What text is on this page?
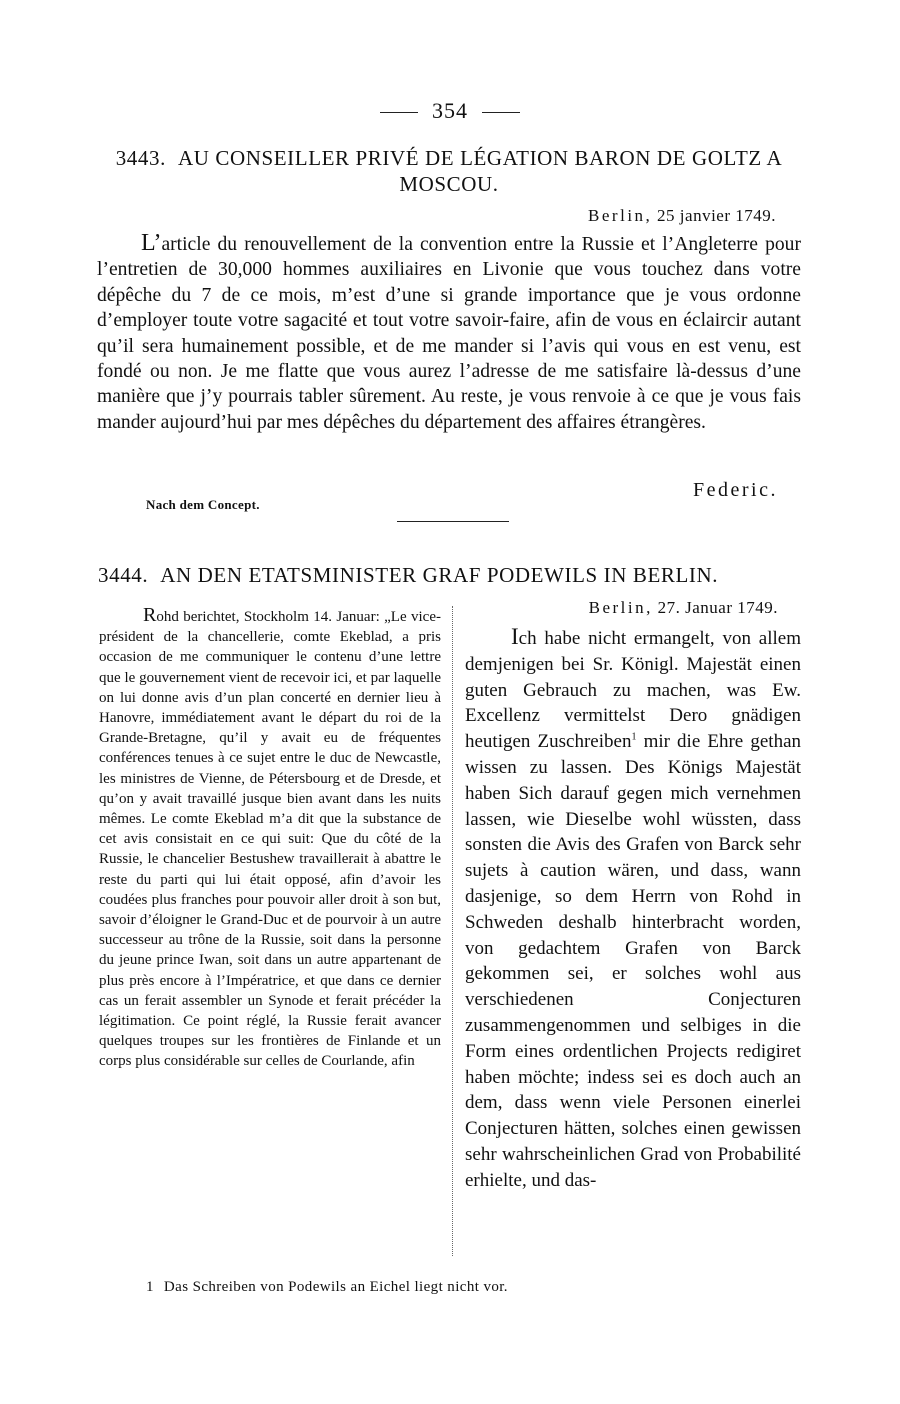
354
3443. AU CONSEILLER PRIVÉ DE LÉGATION BARON DE GOLTZ A MOSCOU.
Berlin, 25 janvier 1749.

L’article du renouvellement de la convention entre la Russie et l’Angleterre pour l’entretien de 30,000 hommes auxiliaires en Livonie que vous touchez dans votre dépêche du 7 de ce mois, m’est d’une si grande importance que je vous ordonne d’employer toute votre sagacité et tout votre savoir-faire, afin de vous en éclaircir autant qu’il sera humainement possible, et de me mander si l’avis qui vous en est venu, est fondé ou non. Je me flatte que vous aurez l’adresse de me satisfaire là-dessus d’une manière que j’y pourrais tabler sûrement. Au reste, je vous renvoie à ce que je vous fais mander aujourd’hui par mes dépêches du département des affaires étrangères.

Federic.
Nach dem Concept.
3444. AN DEN ETATSMINISTER GRAF PODEWILS IN BERLIN.

Rohd berichtet, Stockholm 14. Januar: „Le vice-président de la chancellerie, comte Ekeblad, a pris occasion de me communiquer le contenu d’une lettre que le gouvernement vient de recevoir ici, et par laquelle on lui donne avis d’un plan concerté en dernier lieu à Hanovre, immédiatement avant le départ du roi de la Grande-Bretagne, qu’il y avait eu de fréquentes conférences tenues à ce sujet entre le duc de Newcastle, les ministres de Vienne, de Pétersbourg et de Dresde, et qu’on y avait travaillé jusque bien avant dans les nuits mêmes. Le comte Ekeblad m’a dit que la substance de cet avis consistait en ce qui suit: Que du côté de la Russie, le chancelier Bestushew travaillerait à abattre le reste du parti qui lui était opposé, afin d’avoir les coudées plus franches pour pouvoir aller droit à son but, savoir d’éloigner le Grand-Duc et de pourvoir à un autre successeur au trône de la Russie, soit dans la personne du jeune prince Iwan, soit dans un autre appartenant de plus près encore à l’Impératrice, et que dans ce dernier cas un ferait assembler un Synode et ferait précéder la légitimation. Ce point réglé, la Russie ferait avancer quelques troupes sur les frontières de Finlande et un corps plus considérable sur celles de Courlande, afin

Berlin, 27. Januar 1749.

Ich habe nicht ermangelt, von allem demjenigen bei Sr. Königl. Majestät einen guten Gebrauch zu machen, was Ew. Excellenz vermittelst Dero gnädigen heutigen Zuschreiben$^1$ mir die Ehre gethan wissen zu lassen. Des Königs Majestät haben Sich darauf gegen mich vernehmen lassen, wie Dieselbe wohl wüssten, dass sonsten die Avis des Grafen von Barck sehr sujets à caution wären, und dass, wann dasjenige, so dem Herrn von Rohd in Schweden deshalb hinterbracht worden, von gedachtem Grafen von Barck gekommen sei, er solches wohl aus verschiedenen Conjecturen zusammengenommen und selbiges in die Form eines ordentlichen Projects redigiret haben möchte; indess sei es doch auch an dem, dass wenn viele Personen einerlei Conjecturen hätten, solches einen gewissen sehr wahrscheinlichen Grad von Probabilité erhielte, und das-

1 Das Schreiben von Podewils an Eichel liegt nicht vor.
